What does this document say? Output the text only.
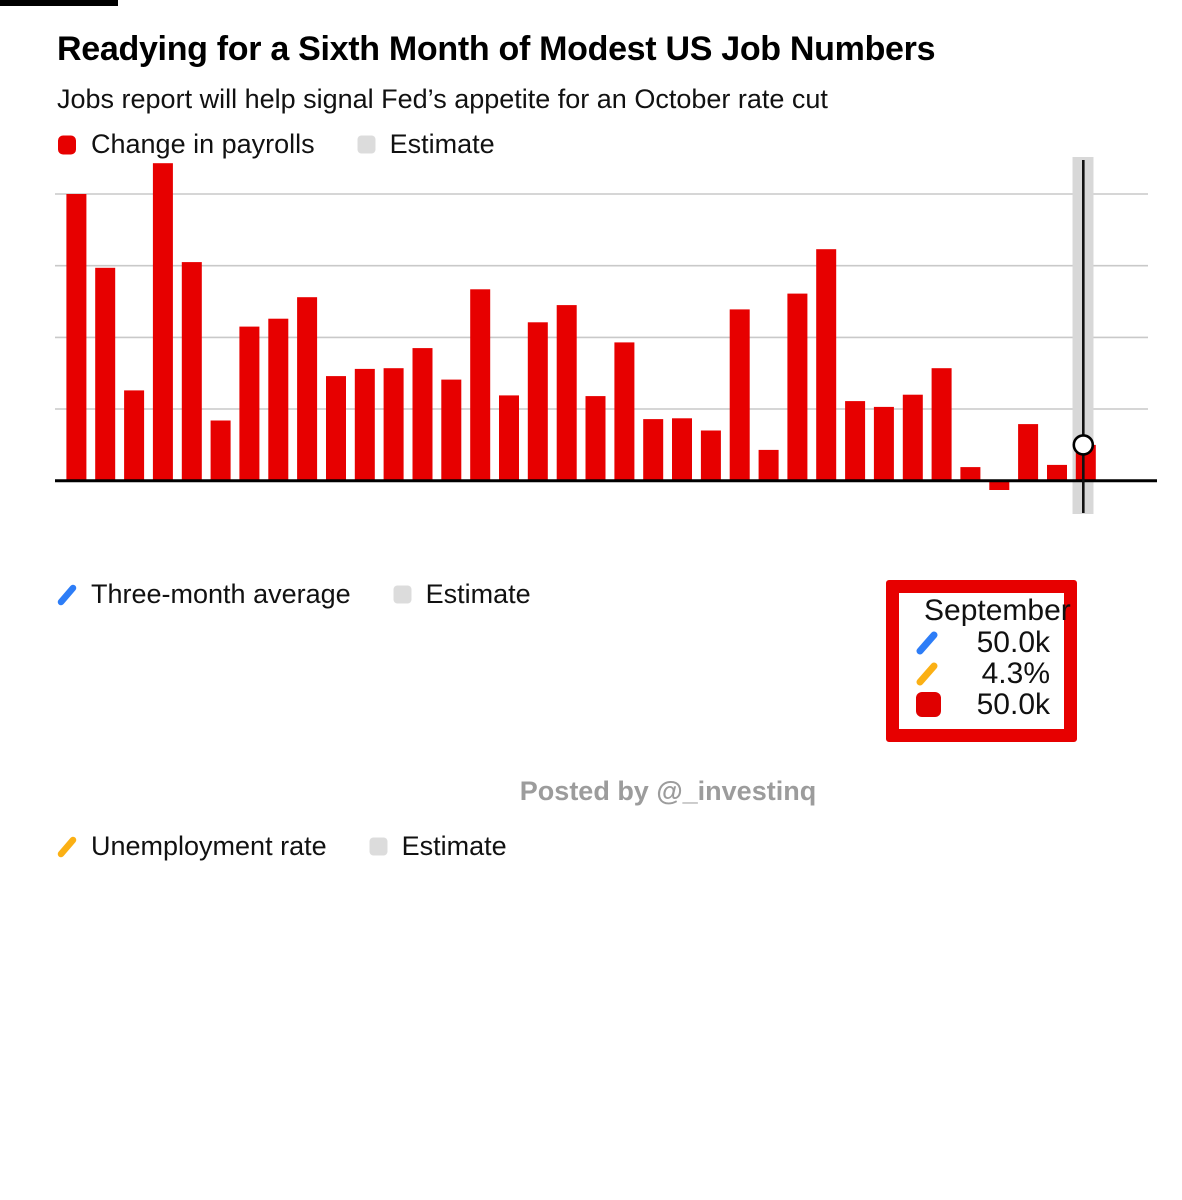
Readying for a Sixth Month of Modest US Job Numbers
Jobs report will help signal Fed’s appetite for an October rate cut
Change in payrolls	Estimate
Three-month average	Estimate
Unemployment rate	Estimate
Posted by @_investinq
September
50.0k
4.3%
50.0k
